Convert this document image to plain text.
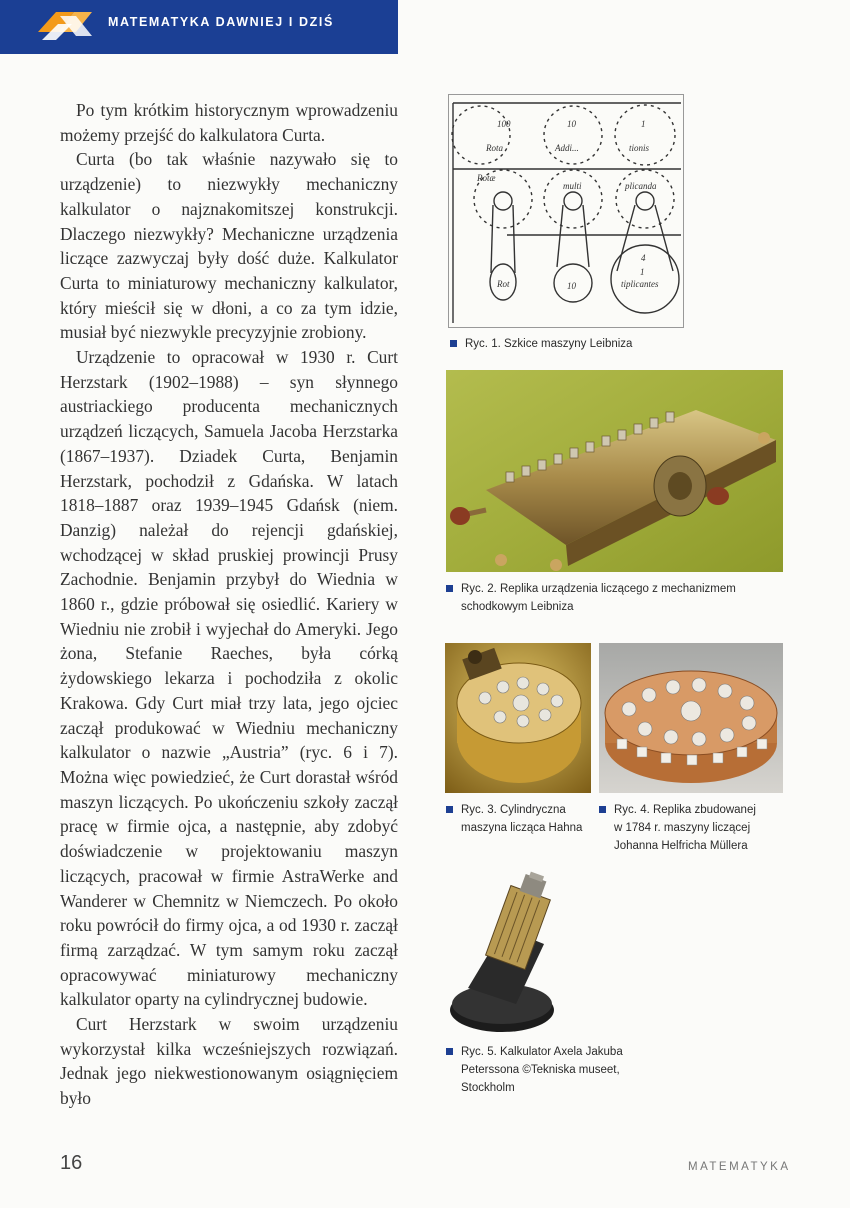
MATEMATYKA DAWNIEJ I DZIŚ

Po tym krótkim historycznym wprowadzeniu możemy przejść do kalkulatora Curta.

Curta (bo tak właśnie nazywało się to urządzenie) to niezwykły mechaniczny kalkulator o najznakomitszej konstrukcji. Dlaczego niezwykły? Mechaniczne urządzenia liczące zazwyczaj były dość duże. Kalkulator Curta to miniaturowy mechaniczny kalkulator, który mieścił się w dłoni, a co za tym idzie, musiał być niezwykle precyzyjnie zrobiony.

Urządzenie to opracował w 1930 r. Curt Herzstark (1902–1988) – syn słynnego austriackiego producenta mechanicznych urządzeń liczących, Samuela Jacoba Herzstarka (1867–1937). Dziadek Curta, Benjamin Herzstark, pochodził z Gdańska. W latach 1818–1887 oraz 1939–1945 Gdańsk (niem. Danzig) należał do rejencji gdańskiej, wchodzącej w skład pruskiej prowincji Prusy Zachodnie. Benjamin przybył do Wiednia w 1860 r., gdzie próbował się osiedlić. Kariery w Wiedniu nie zrobił i wyjechał do Ameryki. Jego żona, Stefanie Raeches, była córką żydowskiego lekarza i pochodziła z okolic Krakowa. Gdy Curt miał trzy lata, jego ojciec zaczął produkować w Wiedniu mechaniczny kalkulator o nazwie „Austria” (ryc. 6 i 7). Można więc powiedzieć, że Curt dorastał wśród maszyn liczących. Po ukończeniu szkoły zaczął pracę w firmie ojca, a następnie, aby zdobyć doświadczenie w projektowaniu maszyn liczących, pracował w firmie AstraWerke and Wanderer w Chemnitz w Niemczech. Po około roku powrócił do firmy ojca, a od 1930 r. zaczął firmą zarządzać. W tym samym roku zaczął opracowywać miniaturowy mechaniczny kalkulator oparty na cylindrycznej budowie.

Curt Herzstark w swoim urządzeniu wykorzystał kilka wcześniejszych rozwiązań. Jednak jego niekwestionowanym osiągnięciem było

100	10	1
Rota	Addi...	tionis
Rotæ
multi	plicanda
Rot	10
1
4
tiplicantes
Ryc. 1. Szkice maszyny Leibniza
Ryc. 2. Replika urządzenia liczącego z mechanizmem
schodkowym Leibniza
Ryc. 3. Cylindryczna
maszyna licząca Hahna
Ryc. 4. Replika zbudowanej
w 1784 r. maszyny liczącej
Johanna Helfricha Müllera
Ryc. 5. Kalkulator Axela Jakuba
Peterssona ©Tekniska museet,
Stockholm
16	MATEMATYKA
